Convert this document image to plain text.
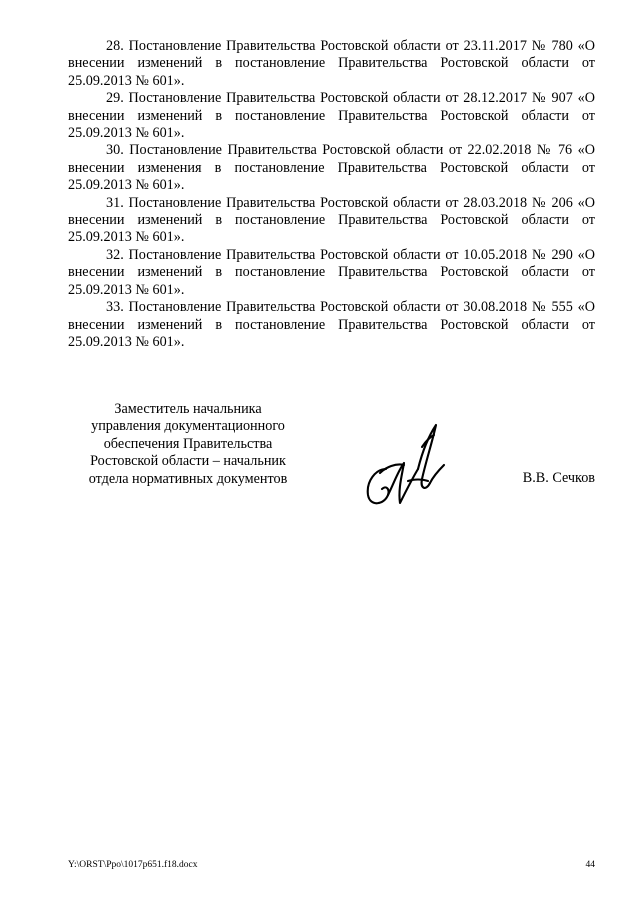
28. Постановление Правительства Ростовской области от 23.11.2017 № 780 «О внесении изменений в постановление Правительства Ростовской области от 25.09.2013 № 601».
29. Постановление Правительства Ростовской области от 28.12.2017 № 907 «О внесении изменений в постановление Правительства Ростовской области от 25.09.2013 № 601».
30. Постановление Правительства Ростовской области от 22.02.2018 № 76 «О внесении изменения в постановление Правительства Ростовской области от 25.09.2013 № 601».
31. Постановление Правительства Ростовской области от 28.03.2018 № 206 «О внесении изменений в постановление Правительства Ростовской области от 25.09.2013 № 601».
32. Постановление Правительства Ростовской области от 10.05.2018 № 290 «О внесении изменений в постановление Правительства Ростовской области от 25.09.2013 № 601».
33. Постановление Правительства Ростовской области от 30.08.2018 № 555 «О внесении изменений в постановление Правительства Ростовской области от 25.09.2013 № 601».
Заместитель начальника
управления документационного
обеспечения Правительства
Ростовской области – начальник
отдела нормативных документов	В.В. Сечков
Y:\ORST\Ppo\1017p651.f18.docx	44
